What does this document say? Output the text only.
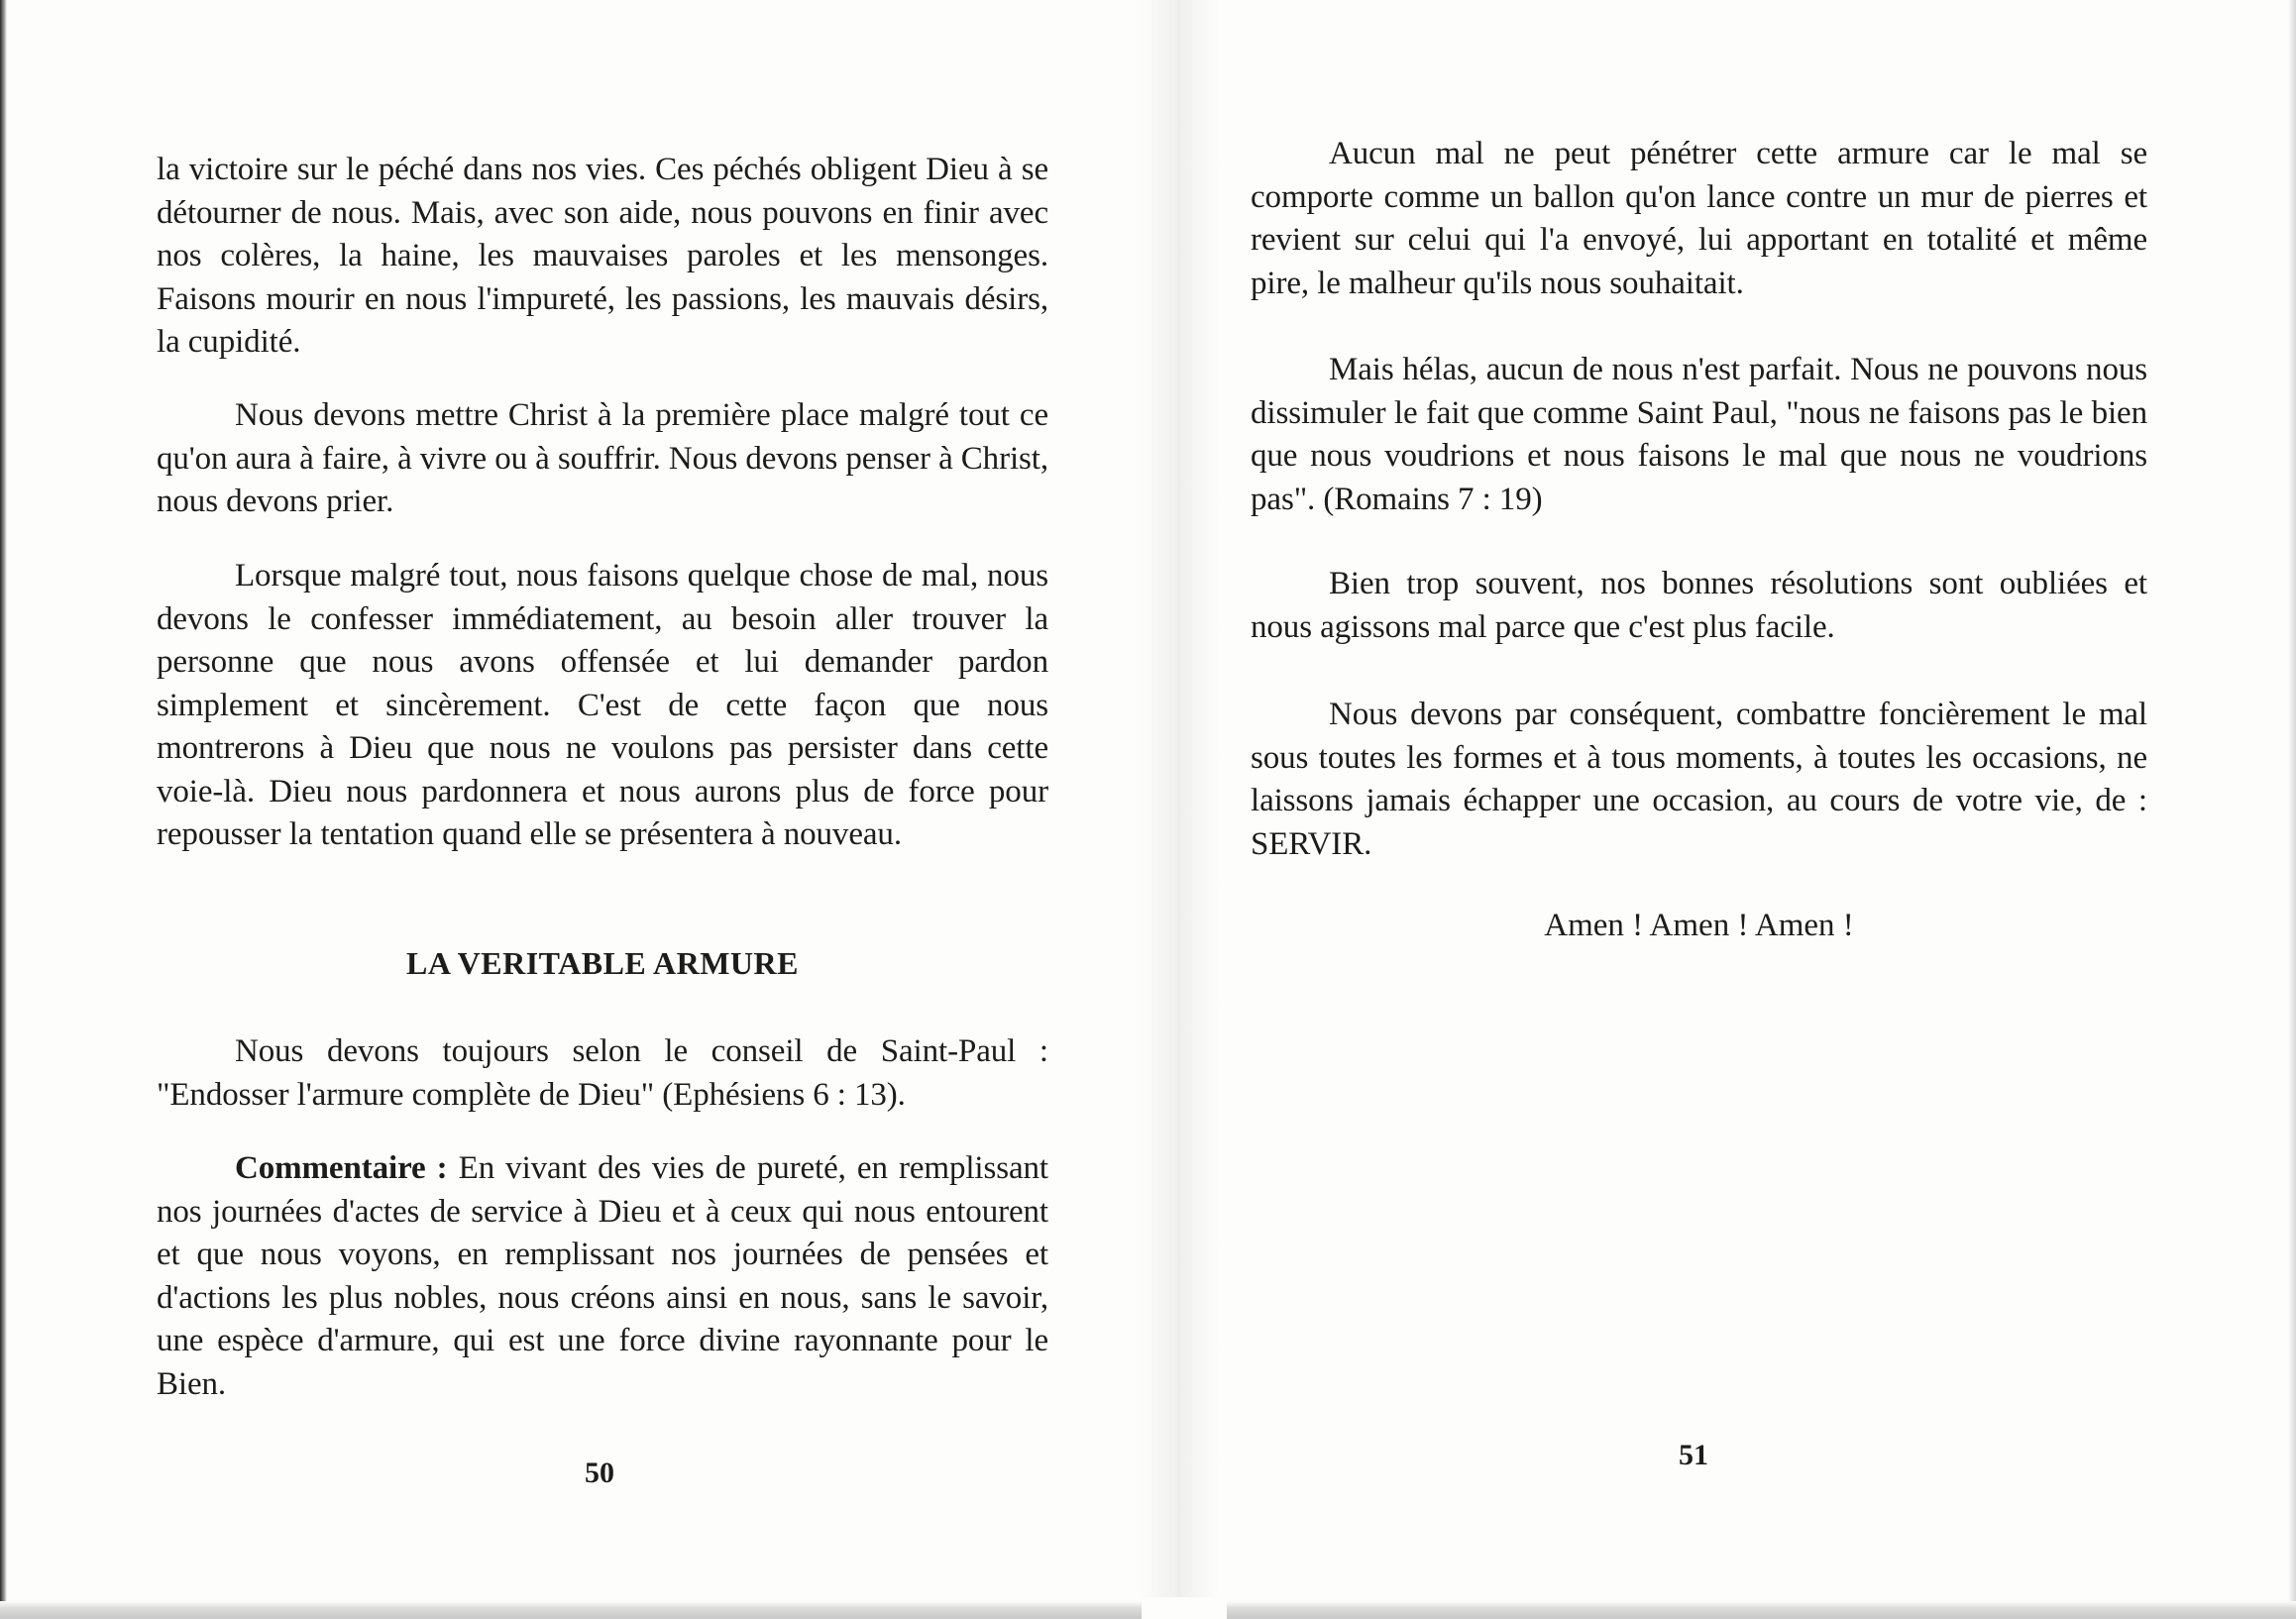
la victoire sur le péché dans nos vies. Ces péchés obligent Dieu à se détourner de nous. Mais, avec son aide, nous pouvons en finir avec nos colères, la haine, les mauvaises paroles et les mensonges. Faisons mourir en nous l'impureté, les passions, les mauvais désirs, la cupidité.

Nous devons mettre Christ à la première place malgré tout ce qu'on aura à faire, à vivre ou à souffrir. Nous devons penser à Christ, nous devons prier.

Lorsque malgré tout, nous faisons quelque chose de mal, nous devons le confesser immédiatement, au besoin aller trouver la personne que nous avons offensée et lui demander pardon simplement et sincèrement. C'est de cette façon que nous montrerons à Dieu que nous ne voulons pas persister dans cette voie-là. Dieu nous pardonnera et nous aurons plus de force pour repousser la tentation quand elle se présentera à nouveau.

LA VERITABLE ARMURE

Nous devons toujours selon le conseil de Saint-Paul : "Endosser l'armure complète de Dieu" (Ephésiens 6 : 13).

Commentaire : En vivant des vies de pureté, en remplissant nos journées d'actes de service à Dieu et à ceux qui nous entourent et que nous voyons, en remplissant nos journées de pensées et d'actions les plus nobles, nous créons ainsi en nous, sans le savoir, une espèce d'armure, qui est une force divine rayonnante pour le Bien.

50

Aucun mal ne peut pénétrer cette armure car le mal se comporte comme un ballon qu'on lance contre un mur de pierres et revient sur celui qui l'a envoyé, lui apportant en totalité et même pire, le malheur qu'ils nous souhaitait.

Mais hélas, aucun de nous n'est parfait. Nous ne pouvons nous dissimuler le fait que comme Saint Paul, "nous ne faisons pas le bien que nous voudrions et nous faisons le mal que nous ne voudrions pas". (Romains 7 : 19)

Bien trop souvent, nos bonnes résolutions sont oubliées et nous agissons mal parce que c'est plus facile.

Nous devons par conséquent, combattre foncièrement le mal sous toutes les formes et à tous moments, à toutes les occasions, ne laissons jamais échapper une occasion, au cours de votre vie, de : SERVIR.

Amen ! Amen ! Amen !

51
